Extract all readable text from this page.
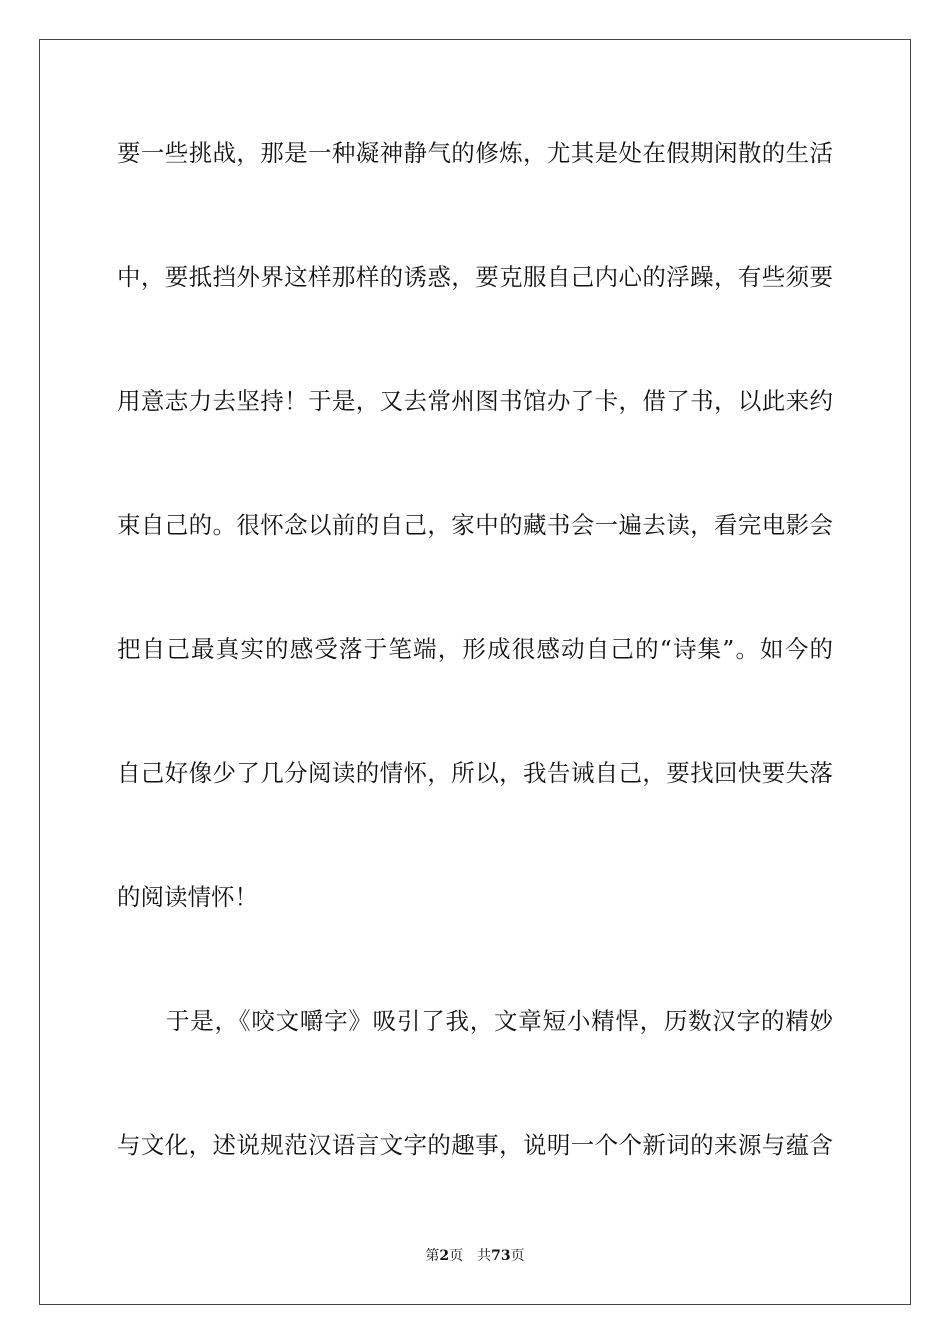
要一些挑战，那是一种凝神静气的修炼，尤其是处在假期闲散的生活
中，要抵挡外界这样那样的诱惑，要克服自己内心的浮躁，有些须要
用意志力去坚持！于是，又去常州图书馆办了卡，借了书，以此来约
束自己的。很怀念以前的自己，家中的藏书会一遍去读，看完电影会
把自己最真实的感受落于笔端，形成很感动自己的“诗集”。如今的
自己好像少了几分阅读的情怀，所以，我告诫自己，要找回快要失落
的阅读情怀！
于是，《咬文嚼字》吸引了我，文章短小精悍，历数汉字的精妙
与文化，述说规范汉语言文字的趣事，说明一个个新词的来源与蕴含
第2页 共73页
